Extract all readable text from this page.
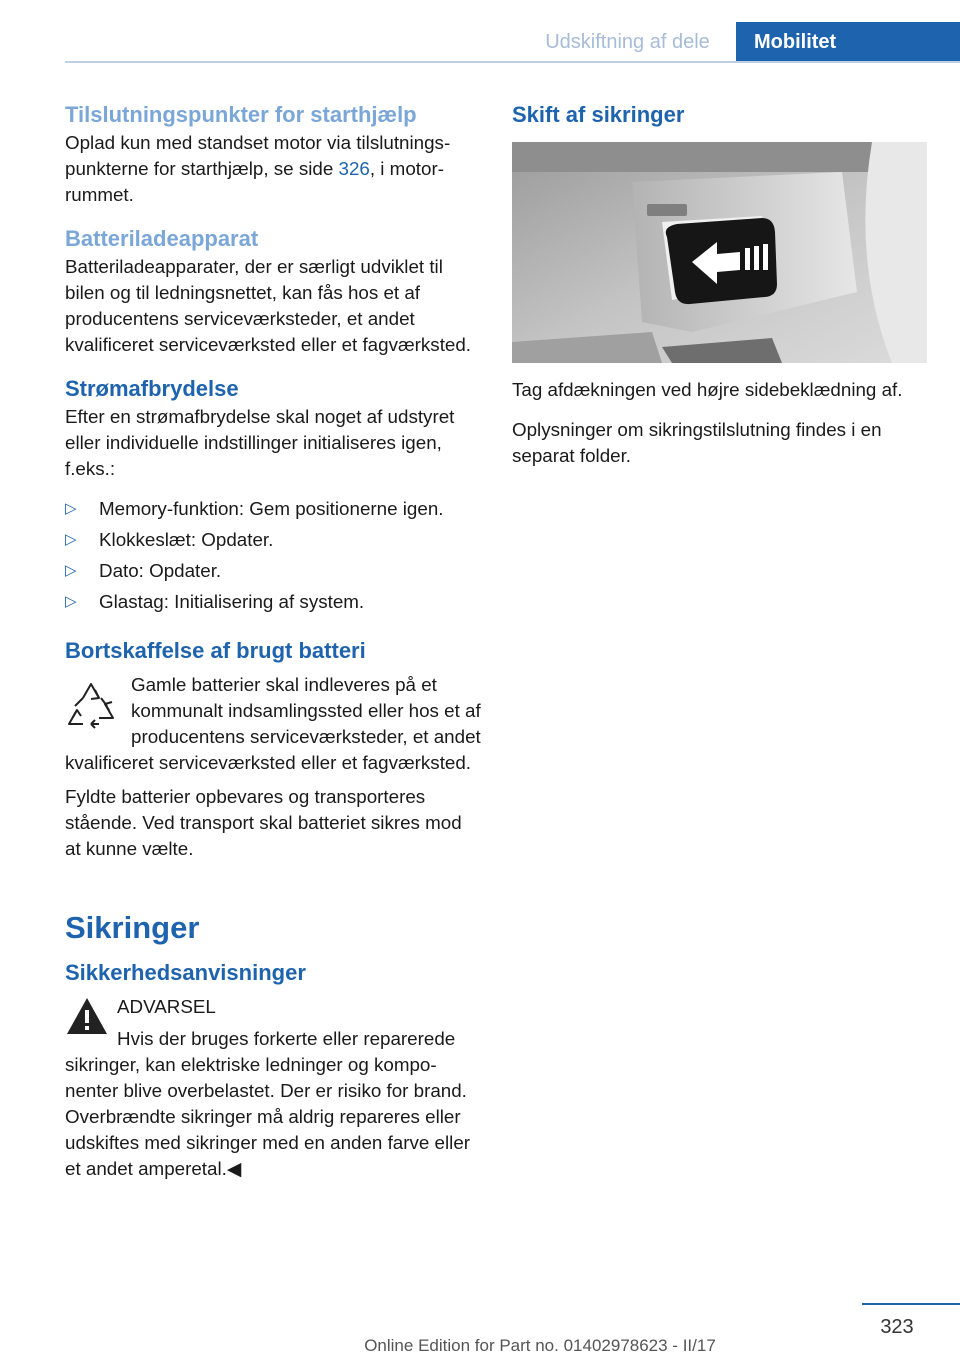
Udskiftning af dele	Mobilitet
Tilslutningspunkter for starthjælp

Oplad kun med standset motor via tilslutningspunkterne for starthjælp, se side 326, i motorrummet.

Batteriladeapparat

Batteriladeapparater, der er særligt udviklet til bilen og til ledningsnettet, kan fås hos et af producentens serviceværksteder, et andet kvalificeret serviceværksted eller et fagværksted.

Strømafbrydelse

Efter en strømafbrydelse skal noget af udstyret eller individuelle indstillinger initialiseres igen, f.eks.:

▷ Memory-funktion: Gem positionerne igen.
▷ Klokkeslæt: Opdater.
▷ Dato: Opdater.
▷ Glastag: Initialisering af system.
Bortskaffelse af brugt batteri

Gamle batterier skal indleveres på et kommunalt indsamlingssted eller hos et af producentens serviceværksteder, et andet kvalificeret serviceværksted eller et fagværksted.

Fyldte batterier opbevares og transporteres stående. Ved transport skal batteriet sikres mod at kunne vælte.

Sikringer
Sikkerhedsanvisninger

ADVARSEL

Hvis der bruges forkerte eller reparerede sikringer, kan elektriske ledninger og komponenter blive overbelastet. Der er risiko for brand. Overbrændte sikringer må aldrig repareres eller udskiftes med sikringer med en anden farve eller et andet amperetal.◀

Skift af sikringer

Tag afdækningen ved højre sidebeklædning af.

Oplysninger om sikringstilslutning findes i en separat folder.

323
Online Edition for Part no. 01402978623 - II/17
